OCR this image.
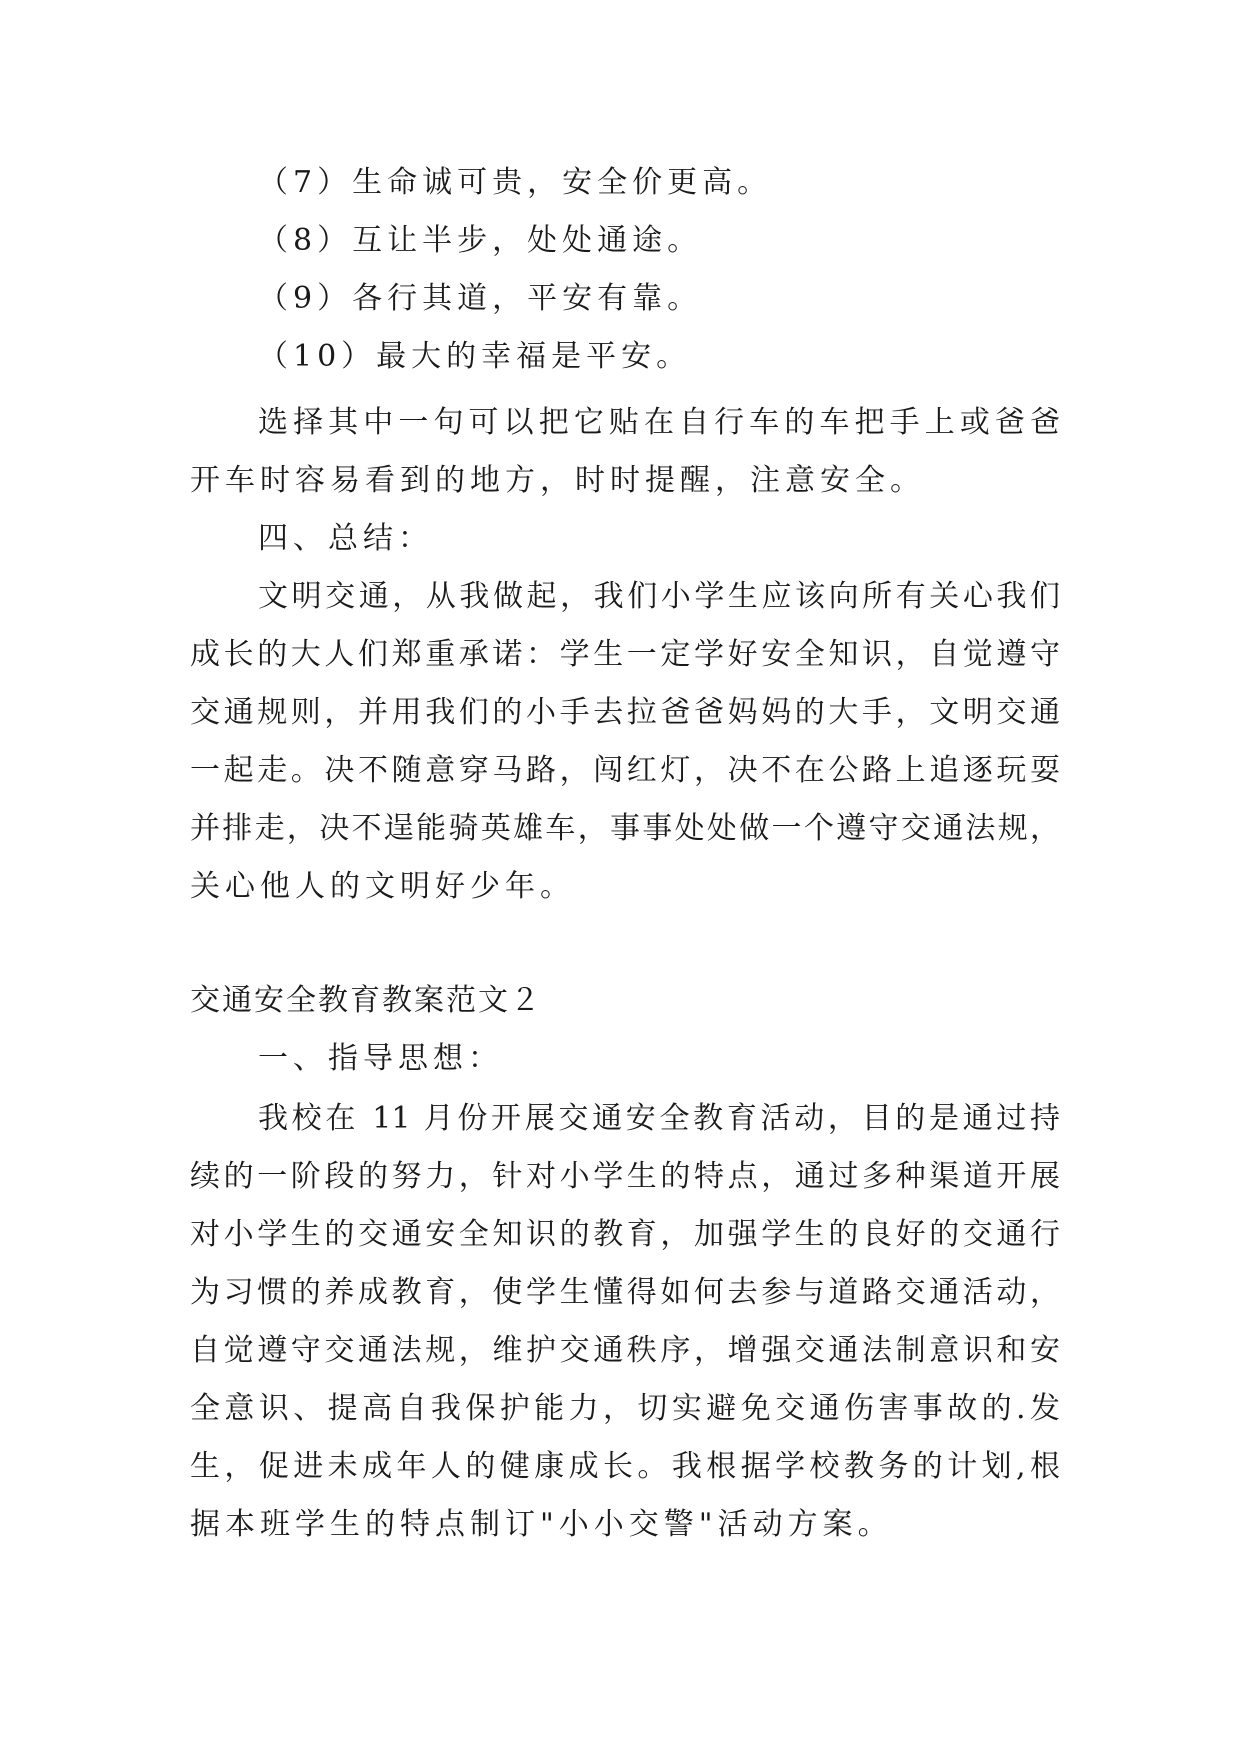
（7）生命诚可贵，安全价更高。
（8）互让半步，处处通途。
（9）各行其道，平安有靠。
（10）最大的幸福是平安。
选择其中一句可以把它贴在自行车的车把手上或爸爸
开车时容易看到的地方，时时提醒，注意安全。
四、总结：
文明交通，从我做起，我们小学生应该向所有关心我们
成长的大人们郑重承诺：学生一定学好安全知识，自觉遵守
交通规则，并用我们的小手去拉爸爸妈妈的大手，文明交通
一起走。决不随意穿马路，闯红灯，决不在公路上追逐玩耍
并排走，决不逞能骑英雄车，事事处处做一个遵守交通法规，
关心他人的文明好少年。
交通安全教育教案范文２
一、指导思想：
我校在 11 月份开展交通安全教育活动，目的是通过持
续的一阶段的努力，针对小学生的特点，通过多种渠道开展
对小学生的交通安全知识的教育，加强学生的良好的交通行
为习惯的养成教育，使学生懂得如何去参与道路交通活动，
自觉遵守交通法规，维护交通秩序，增强交通法制意识和安
全意识、提高自我保护能力，切实避免交通伤害事故的.发
生，促进未成年人的健康成长。我根据学校教务的计划,根
据本班学生的特点制订"小小交警"活动方案。
